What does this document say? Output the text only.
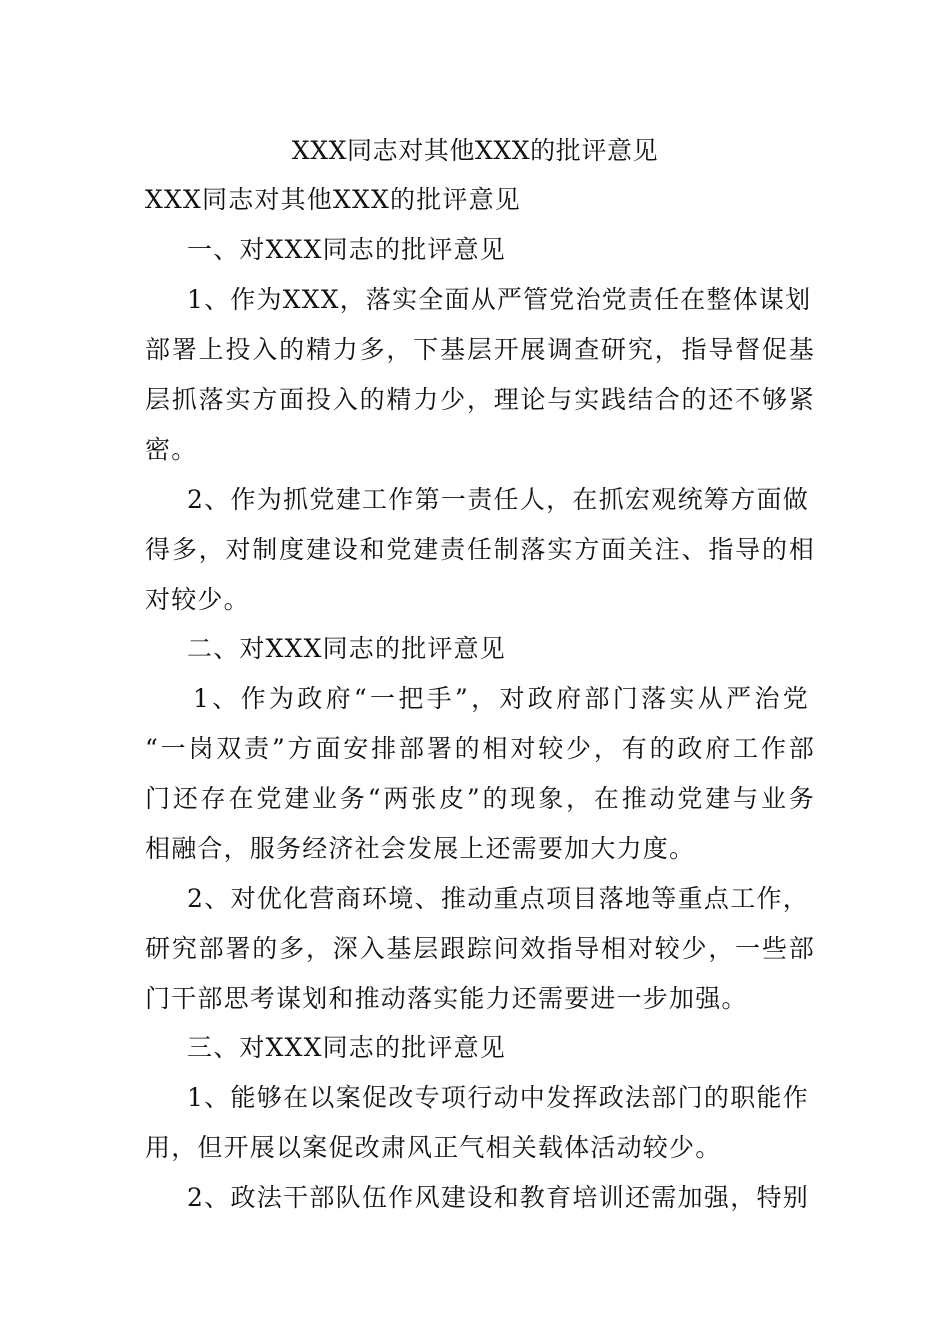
XXX同志对其他XXX的批评意见
XXX同志对其他XXX的批评意见
一、对XXX同志的批评意见
1、作为XXX，落实全面从严管党治党责任在整体谋划
部署上投入的精力多，下基层开展调查研究，指导督促基
层抓落实方面投入的精力少，理论与实践结合的还不够紧
密。
2、作为抓党建工作第一责任人，在抓宏观统筹方面做
得多，对制度建设和党建责任制落实方面关注、指导的相
对较少。
二、对XXX同志的批评意见
1、作为政府“一把手”，对政府部门落实从严治党
“一岗双责”方面安排部署的相对较少，有的政府工作部
门还存在党建业务“两张皮”的现象，在推动党建与业务
相融合，服务经济社会发展上还需要加大力度。
2、对优化营商环境、推动重点项目落地等重点工作，
研究部署的多，深入基层跟踪问效指导相对较少，一些部
门干部思考谋划和推动落实能力还需要进一步加强。
三、对XXX同志的批评意见
1、能够在以案促改专项行动中发挥政法部门的职能作
用，但开展以案促改肃风正气相关载体活动较少。
2、政法干部队伍作风建设和教育培训还需加强，特别
